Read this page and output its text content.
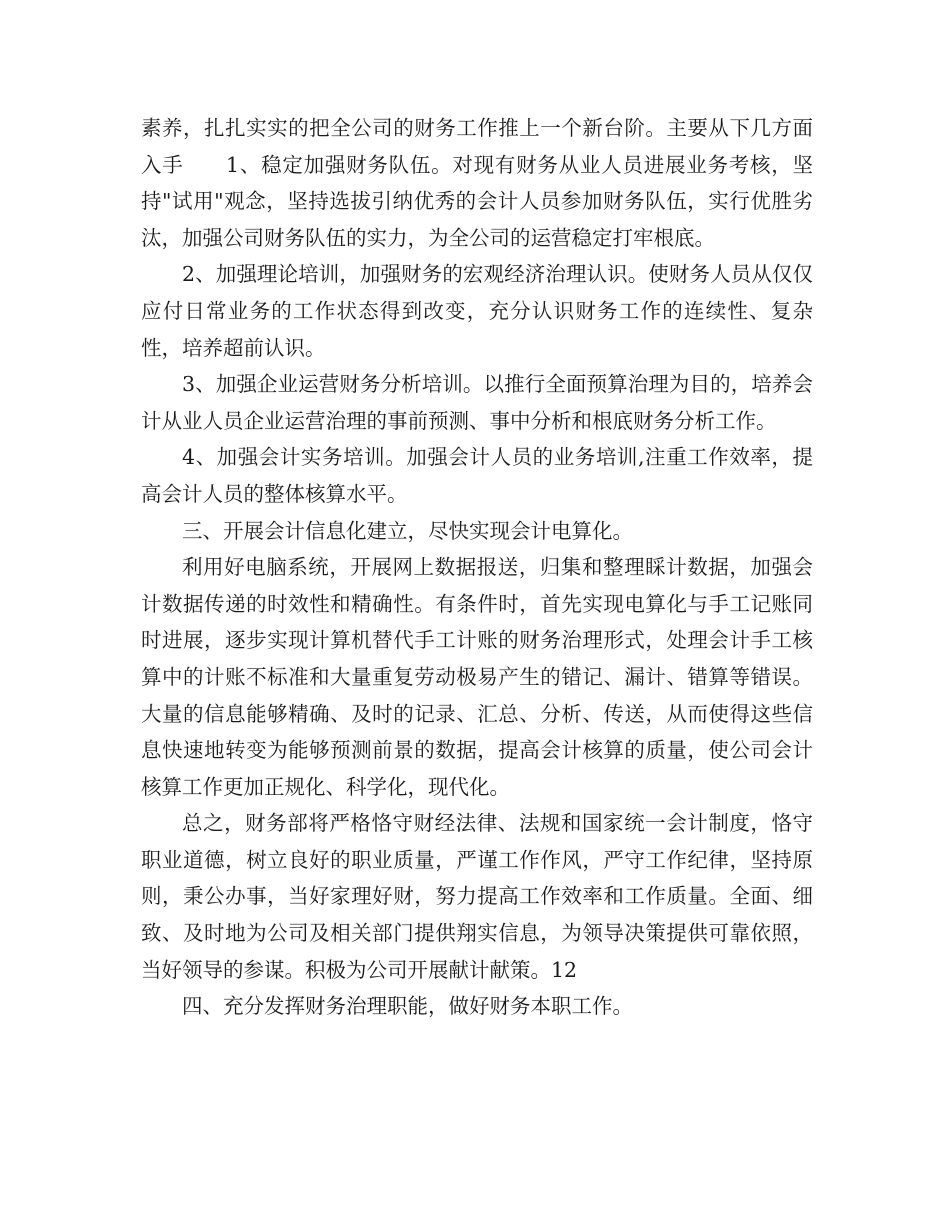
素养，扎扎实实的把全公司的财务工作推上一个新台阶。主要从下几方面入手　　1、稳定加强财务队伍。对现有财务从业人员进展业务考核，坚持"试用"观念，坚持选拔引纳优秀的会计人员参加财务队伍，实行优胜劣汰，加强公司财务队伍的实力，为全公司的运营稳定打牢根底。

2、加强理论培训，加强财务的宏观经济治理认识。使财务人员从仅仅应付日常业务的工作状态得到改变，充分认识财务工作的连续性、复杂性，培养超前认识。

3、加强企业运营财务分析培训。以推行全面预算治理为目的，培养会计从业人员企业运营治理的事前预测、事中分析和根底财务分析工作。

4、加强会计实务培训。加强会计人员的业务培训,注重工作效率，提高会计人员的整体核算水平。

三、开展会计信息化建立，尽快实现会计电算化。

利用好电脑系统，开展网上数据报送，归集和整理睬计数据，加强会计数据传递的时效性和精确性。有条件时，首先实现电算化与手工记账同时进展，逐步实现计算机替代手工计账的财务治理形式，处理会计手工核算中的计账不标准和大量重复劳动极易产生的错记、漏计、错算等错误。大量的信息能够精确、及时的记录、汇总、分析、传送，从而使得这些信息快速地转变为能够预测前景的数据，提高会计核算的质量，使公司会计核算工作更加正规化、科学化，现代化。

总之，财务部将严格恪守财经法律、法规和国家统一会计制度，恪守职业道德，树立良好的职业质量，严谨工作作风，严守工作纪律，坚持原则，秉公办事，当好家理好财，努力提高工作效率和工作质量。全面、细致、及时地为公司及相关部门提供翔实信息，为领导决策提供可靠依照，当好领导的参谋。积极为公司开展献计献策。12

四、充分发挥财务治理职能，做好财务本职工作。
